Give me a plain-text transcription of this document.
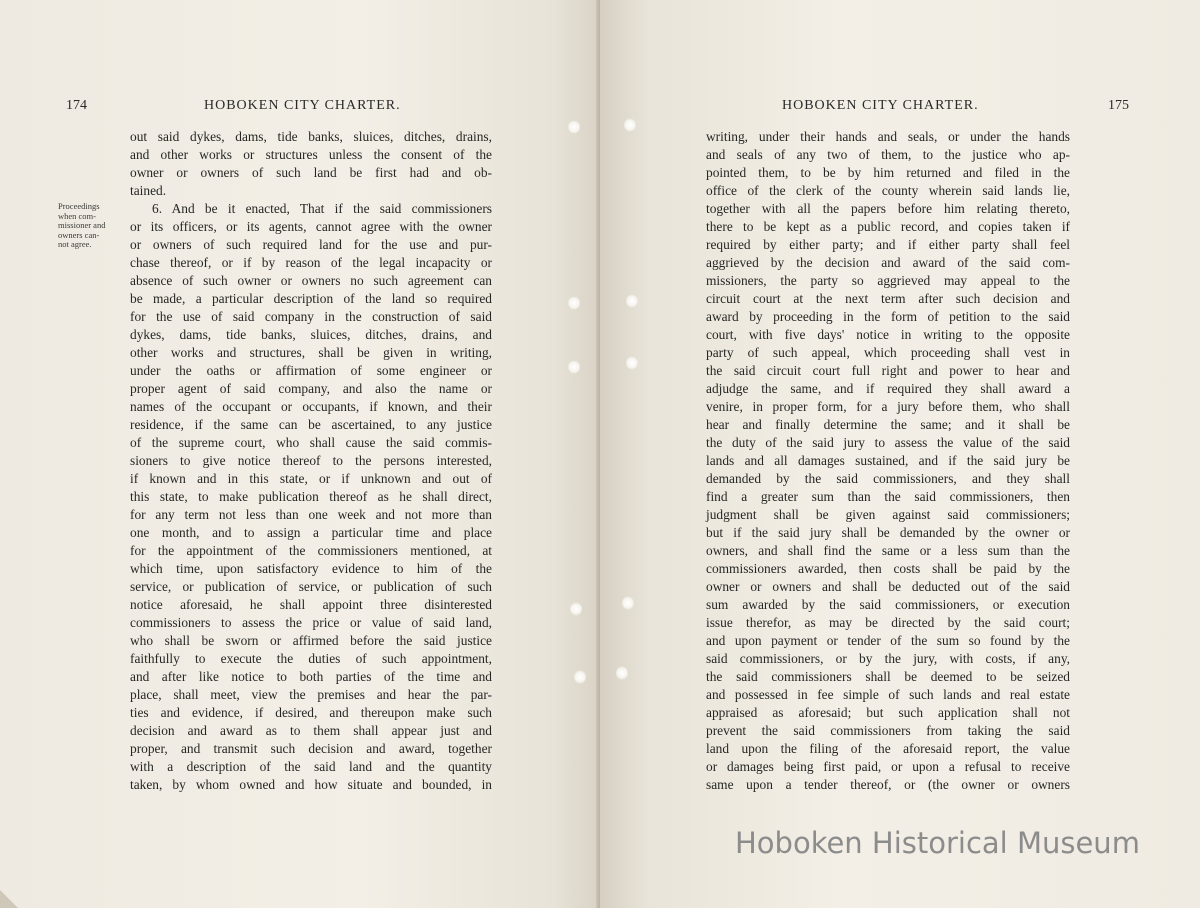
174	HOBOKEN CITY CHARTER.
Proceedings
when com-
missioner and
owners can-
not agree.
out said dykes, dams, tide banks, sluices, ditches, drains,
and other works or structures unless the consent of the
owner or owners of such land be first had and ob-
tained.
6. And be it enacted, That if the said commissioners
or its officers, or its agents, cannot agree with the owner
or owners of such required land for the use and pur-
chase thereof, or if by reason of the legal incapacity or
absence of such owner or owners no such agreement can
be made, a particular description of the land so required
for the use of said company in the construction of said
dykes, dams, tide banks, sluices, ditches, drains, and
other works and structures, shall be given in writing,
under the oaths or affirmation of some engineer or
proper agent of said company, and also the name or
names of the occupant or occupants, if known, and their
residence, if the same can be ascertained, to any justice
of the supreme court, who shall cause the said commis-
sioners to give notice thereof to the persons interested,
if known and in this state, or if unknown and out of
this state, to make publication thereof as he shall direct,
for any term not less than one week and not more than
one month, and to assign a particular time and place
for the appointment of the commissioners mentioned, at
which time, upon satisfactory evidence to him of the
service, or publication of service, or publication of such
notice aforesaid, he shall appoint three disinterested
commissioners to assess the price or value of said land,
who shall be sworn or affirmed before the said justice
faithfully to execute the duties of such appointment,
and after like notice to both parties of the time and
place, shall meet, view the premises and hear the par-
ties and evidence, if desired, and thereupon make such
decision and award as to them shall appear just and
proper, and transmit such decision and award, together
with a description of the said land and the quantity
taken, by whom owned and how situate and bounded, in
HOBOKEN CITY CHARTER.	175
writing, under their hands and seals, or under the hands
and seals of any two of them, to the justice who ap-
pointed them, to be by him returned and filed in the
office of the clerk of the county wherein said lands lie,
together with all the papers before him relating thereto,
there to be kept as a public record, and copies taken if
required by either party; and if either party shall feel
aggrieved by the decision and award of the said com-
missioners, the party so aggrieved may appeal to the
circuit court at the next term after such decision and
award by proceeding in the form of petition to the said
court, with five days' notice in writing to the opposite
party of such appeal, which proceeding shall vest in
the said circuit court full right and power to hear and
adjudge the same, and if required they shall award a
venire, in proper form, for a jury before them, who shall
hear and finally determine the same; and it shall be
the duty of the said jury to assess the value of the said
lands and all damages sustained, and if the said jury be
demanded by the said commissioners, and they shall
find a greater sum than the said commissioners, then
judgment shall be given against said commissioners;
but if the said jury shall be demanded by the owner or
owners, and shall find the same or a less sum than the
commissioners awarded, then costs shall be paid by the
owner or owners and shall be deducted out of the said
sum awarded by the said commissioners, or execution
issue therefor, as may be directed by the said court;
and upon payment or tender of the sum so found by the
said commissioners, or by the jury, with costs, if any,
the said commissioners shall be deemed to be seized
and possessed in fee simple of such lands and real estate
appraised as aforesaid; but such application shall not
prevent the said commissioners from taking the said
land upon the filing of the aforesaid report, the value
or damages being first paid, or upon a refusal to receive
same upon a tender thereof, or (the owner or owners
Hoboken Historical Museum
